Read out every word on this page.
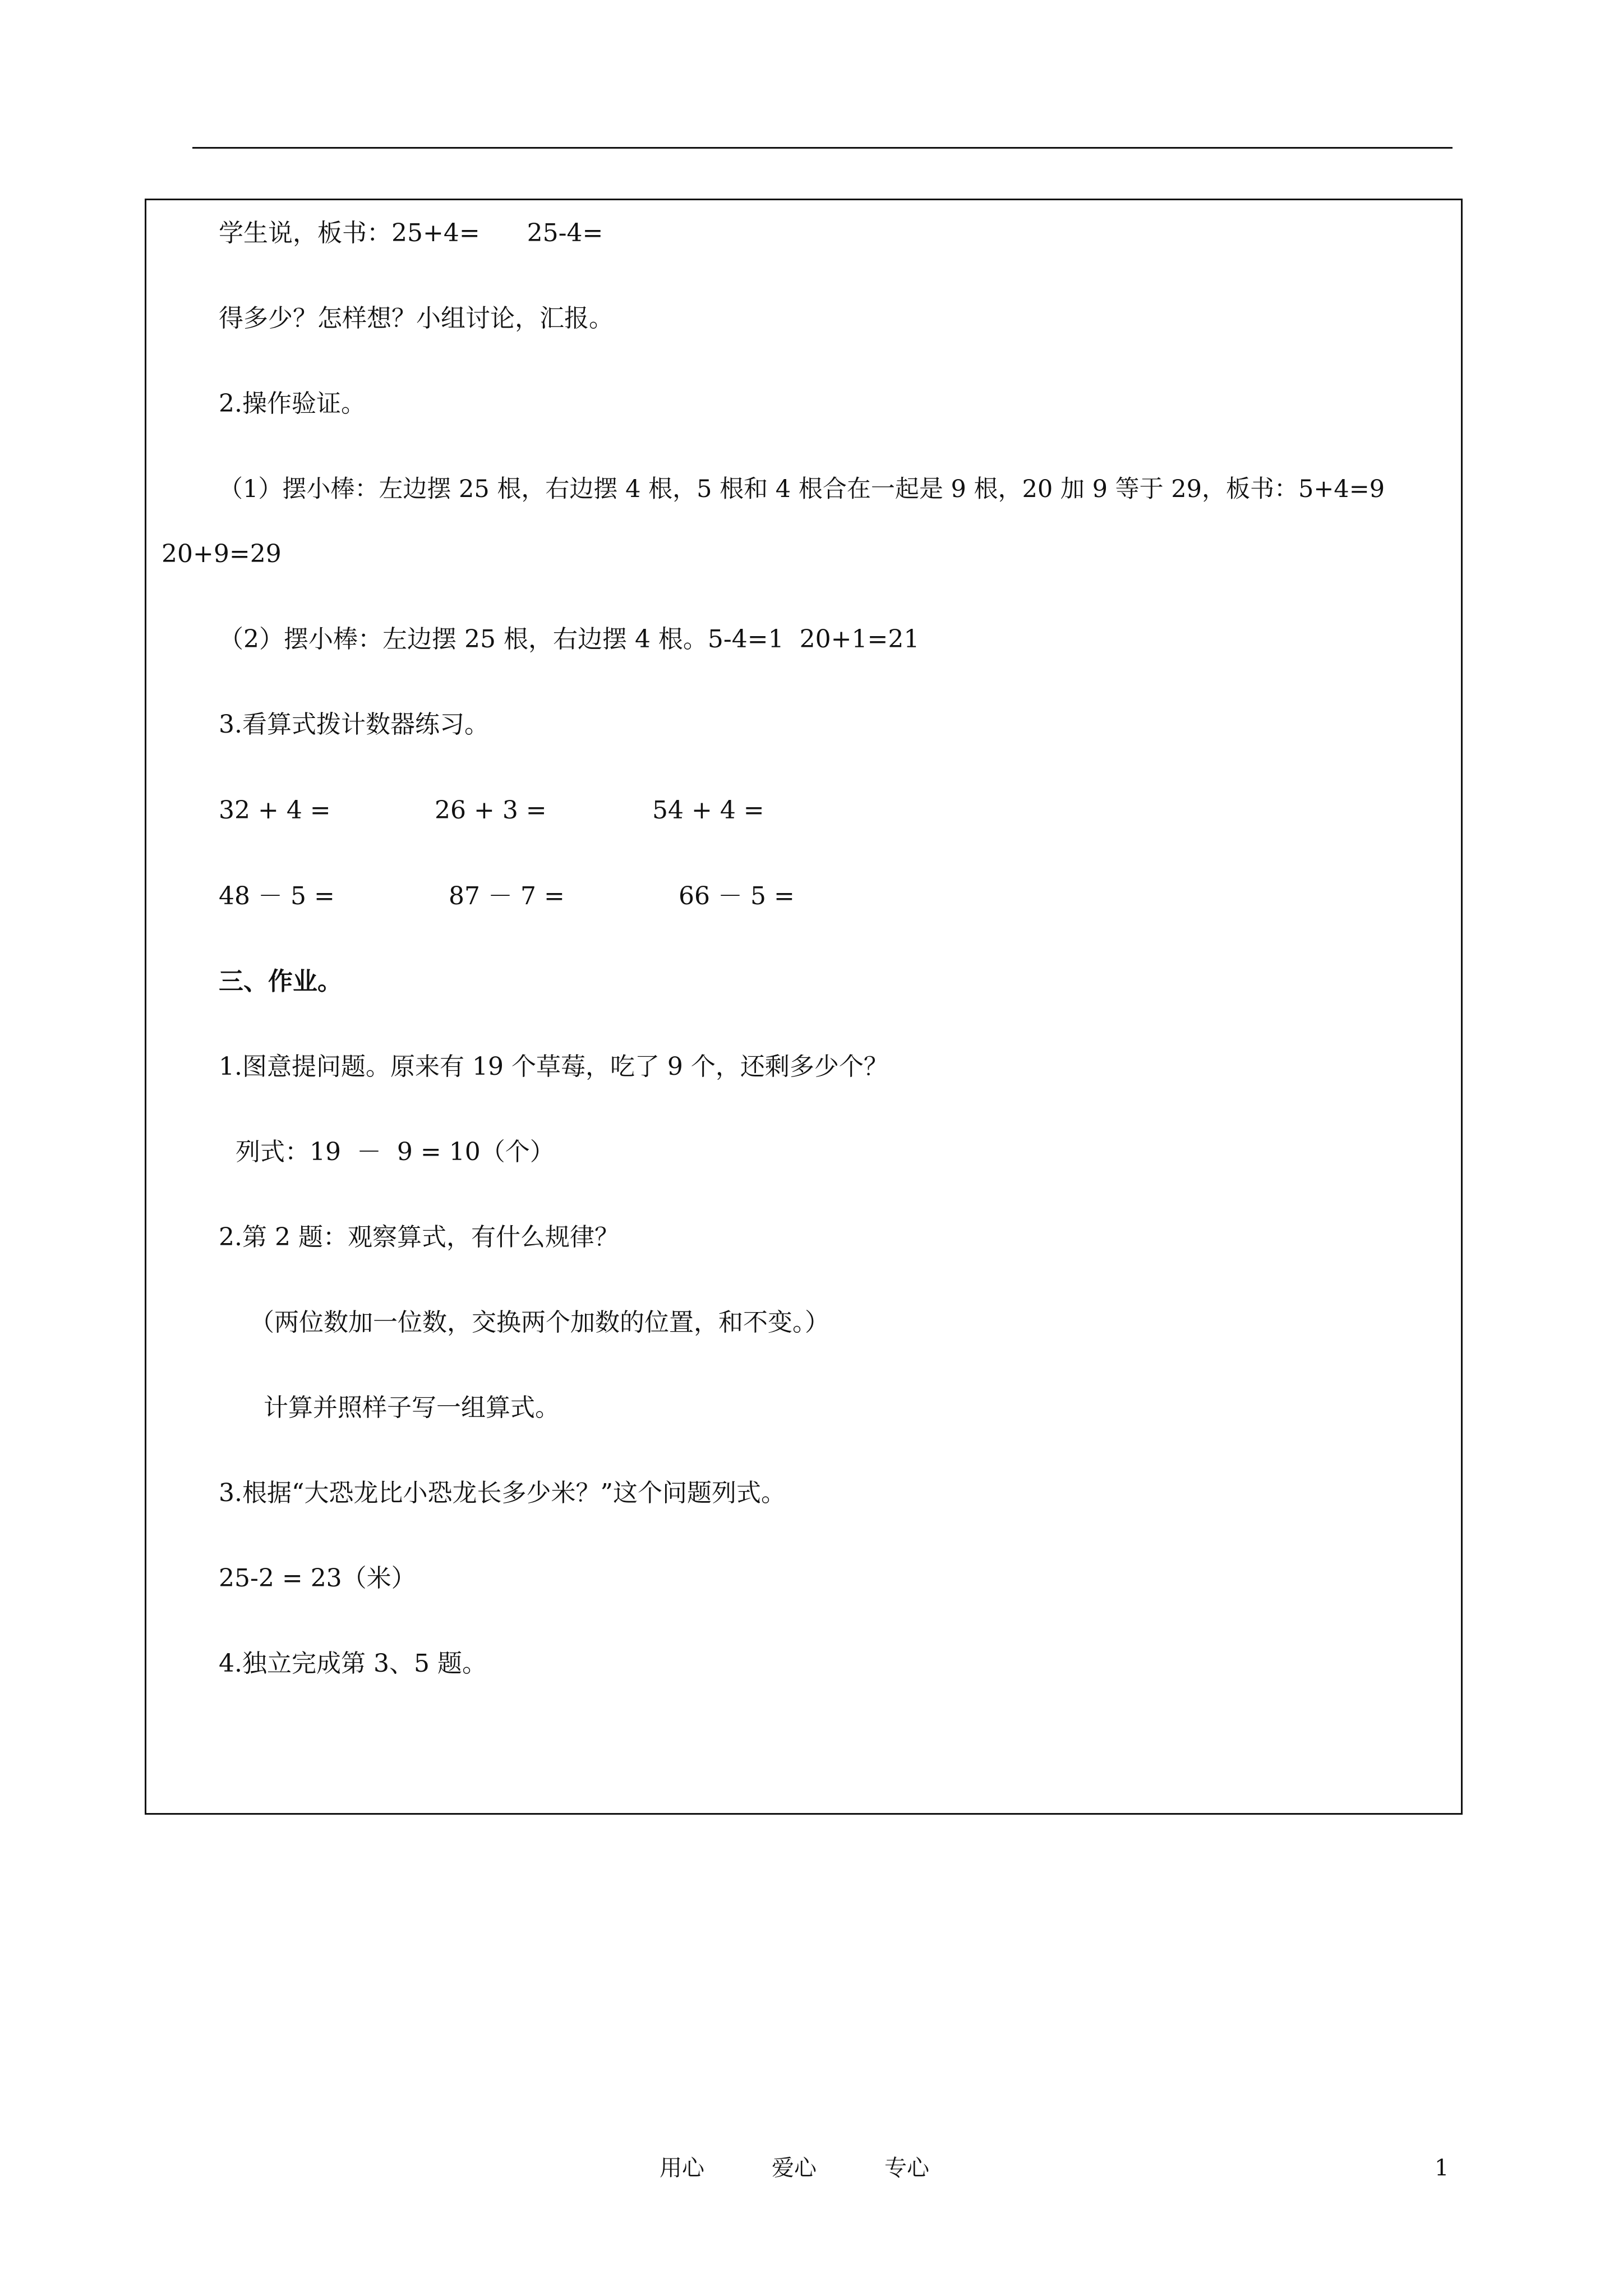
学生说，板书：25+4=      25-4=
得多少？怎样想？小组讨论，汇报。
2.操作验证。
（1）摆小棒：左边摆 25 根，右边摆 4 根，5 根和 4 根合在一起是 9 根，20 加 9 等于 29，板书：5+4=9
20+9=29
（2）摆小棒：左边摆 25 根，右边摆 4 根。5-4=1  20+1=21
3.看算式拨计数器练习。
32 + 4 =	26 + 3 =	54 + 4 =
48 － 5 =	87 － 7 =	66 － 5 =
三、作业。
1.图意提问题。原来有 19 个草莓，吃了 9 个，还剩多少个？
列式：19  －  9 = 10（个）
2.第 2 题：观察算式，有什么规律？
（两位数加一位数，交换两个加数的位置，和不变。）
计算并照样子写一组算式。
3.根据“大恐龙比小恐龙长多少米？”这个问题列式。
25-2 = 23（米）
4.独立完成第 3、5 题。
用心	爱心	专心	1
